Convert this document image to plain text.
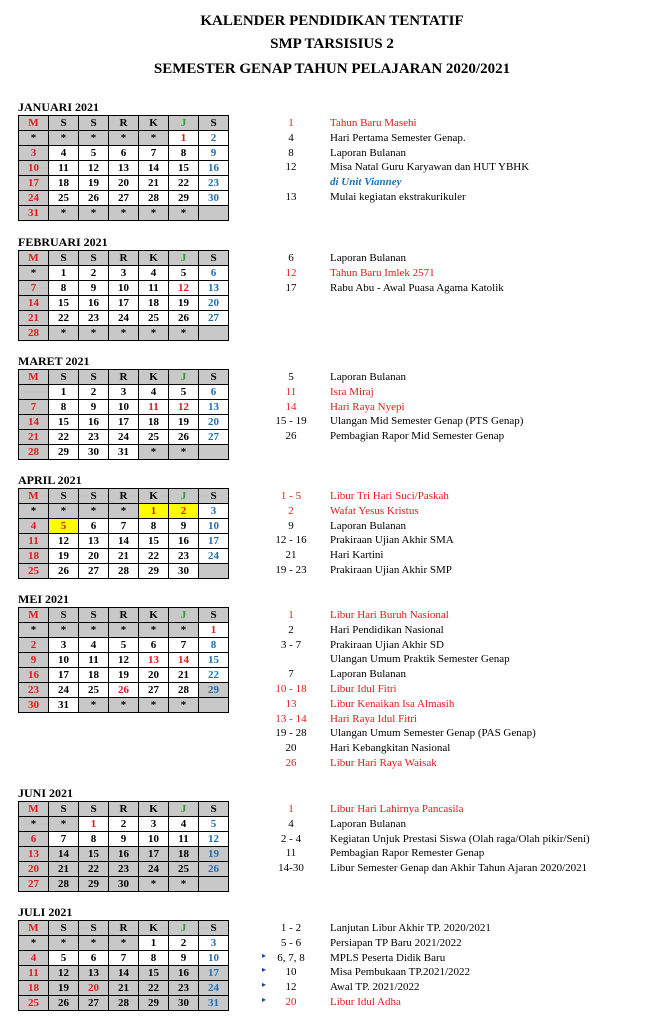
KALENDER PENDIDIKAN TENTATIF
SMP TARSISIUS 2
SEMESTER GENAP TAHUN PELAJARAN 2020/2021
JANUARI 2021
M	S	S	R	K	J	S
*	*	*	*	*	1	2
3	4	5	6	7	8	9
10	11	12	13	14	15	16
17	18	19	20	21	22	23
24	25	26	27	28	29	30
31	*	*	*	*	*	
1	Tahun Baru Masehi
4	Hari Pertama Semester Genap.
8	Laporan Bulanan
12	Misa Natal Guru Karyawan dan HUT YBHK
di Unit Vianney
13	Mulai kegiatan ekstrakurikuler
FEBRUARI 2021
M	S	S	R	K	J	S
*	1	2	3	4	5	6
7	8	9	10	11	12	13
14	15	16	17	18	19	20
21	22	23	24	25	26	27
28	*	*	*	*	*	
6	Laporan Bulanan
12	Tahun Baru Imlek 2571
17	Rabu Abu - Awal Puasa Agama Katolik
MARET 2021
M	S	S	R	K	J	S
	1	2	3	4	5	6
7	8	9	10	11	12	13
14	15	16	17	18	19	20
21	22	23	24	25	26	27
28	29	30	31	*	*	
5	Laporan Bulanan
11	Isra Miraj
14	Hari Raya Nyepi
15 - 19	Ulangan Mid Semester Genap (PTS Genap)
26	Pembagian Rapor Mid Semester Genap
APRIL 2021
M	S	S	R	K	J	S
*	*	*	*	1	2	3
4	5	6	7	8	9	10
11	12	13	14	15	16	17
18	19	20	21	22	23	24
25	26	27	28	29	30	
1 - 5	Libur Tri Hari Suci/Paskah
2	Wafat Yesus Kristus
9	Laporan Bulanan
12 - 16	Prakiraan Ujian Akhir SMA
21	Hari Kartini
19 - 23	Prakiraan Ujian Akhir SMP
MEI 2021
M	S	S	R	K	J	S
*	*	*	*	*	*	1
2	3	4	5	6	7	8
9	10	11	12	13	14	15
16	17	18	19	20	21	22
23	24	25	26	27	28	29
30	31	*	*	*	*	
1	Libur Hari Buruh Nasional
2	Hari Pendidikan Nasional
3 - 7	Prakiraan Ujian Akhir SD
Ulangan Umum Praktik Semester Genap
7	Laporan Bulanan
10 - 18	Libur Idul Fitri
13	Libur Kenaikan Isa Almasih
13 - 14	Hari Raya Idul Fitri
19 - 28	Ulangan Umum Semester Genap (PAS Genap)
20	Hari Kebangkitan Nasional
26	Libur Hari Raya Waisak
JUNI 2021
M	S	S	R	K	J	S
*	*	1	2	3	4	5
6	7	8	9	10	11	12
13	14	15	16	17	18	19
20	21	22	23	24	25	26
27	28	29	30	*	*	
1	Libur Hari Lahirnya Pancasila
4	Laporan Bulanan
2 - 4	Kegiatan Unjuk Prestasi Siswa (Olah raga/Olah pikir/Seni)
11	Pembagian Rapor Remester Genap
14-30	Libur Semester Genap dan Akhir Tahun Ajaran 2020/2021
JULI 2021
M	S	S	R	K	J	S
*	*	*	*	1	2	3
4	5	6	7	8	9	10
11	12	13	14	15	16	17
18	19	20	21	22	23	24
25	26	27	28	29	30	31
1 - 2	Lanjutan Libur Akhir TP. 2020/2021
5 - 6	Persiapan TP Baru 2021/2022
▸	6, 7, 8	MPLS Peserta Didik Baru
▸	10	Misa Pembukaan TP.2021/2022
▸	12	Awal TP. 2021/2022
▸	20	Libur Idul Adha
